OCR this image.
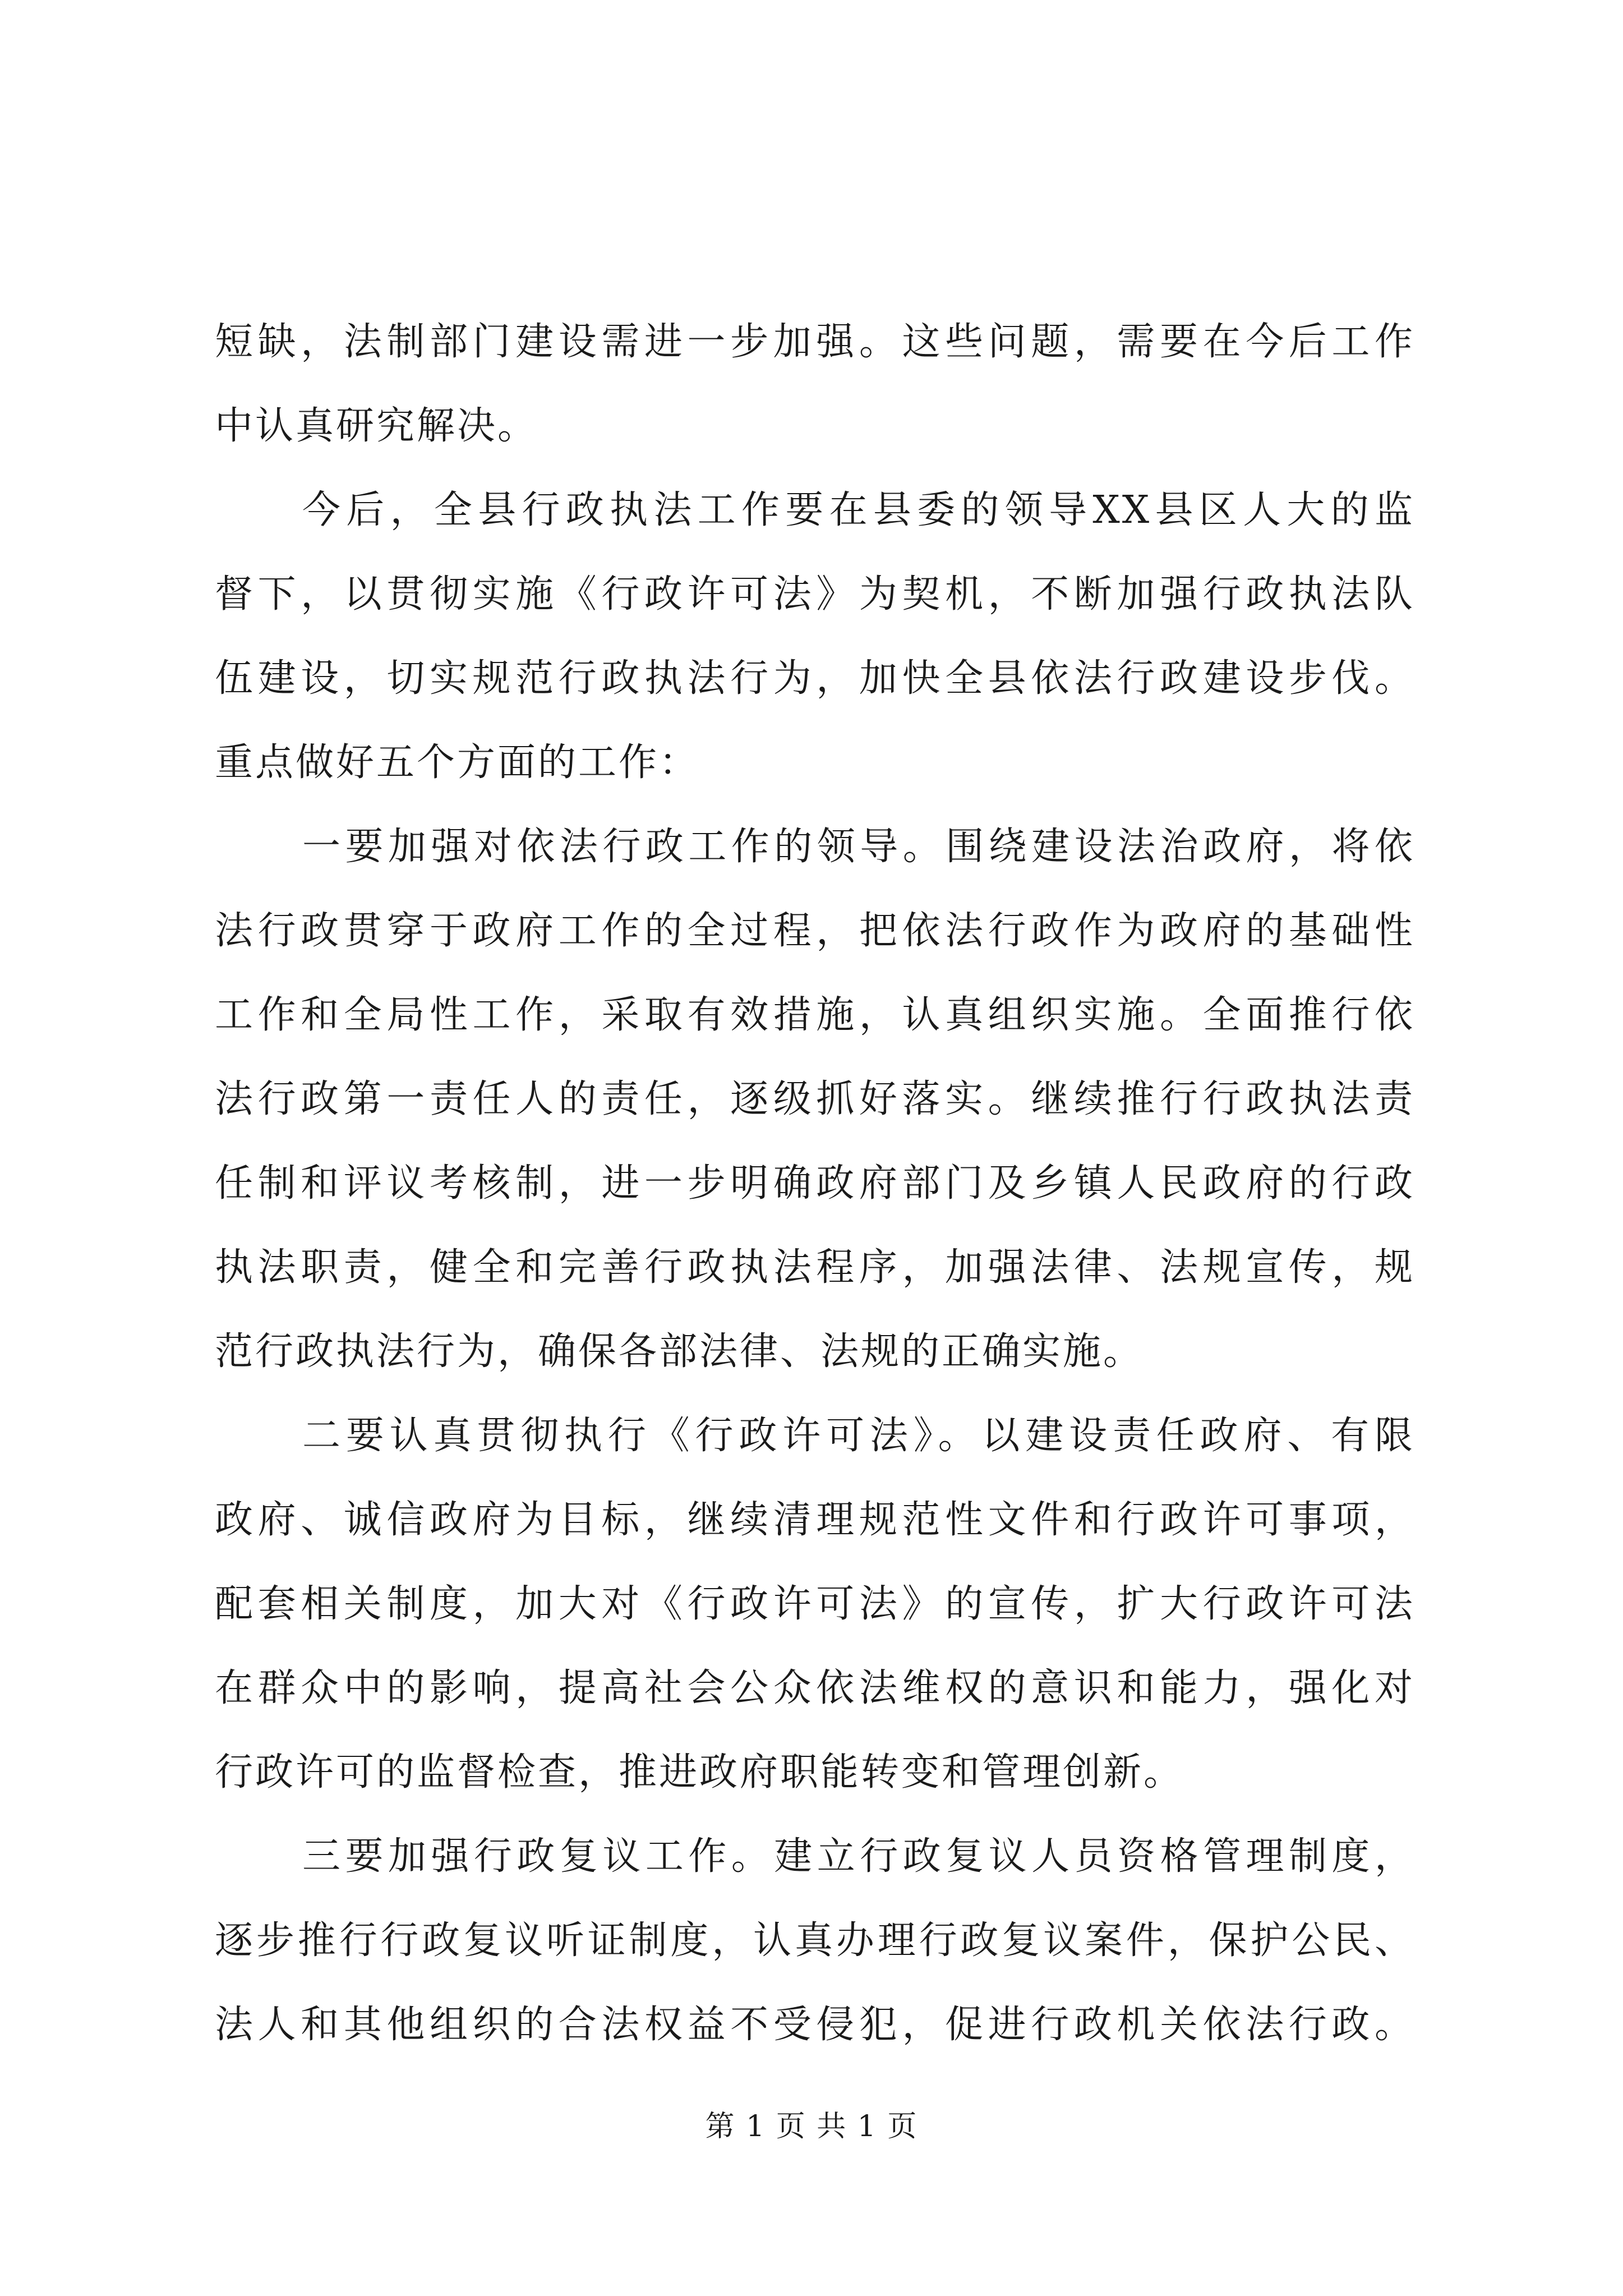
短缺，法制部门建设需进一步加强。这些问题，需要在今后工作
中认真研究解决。
今后，全县行政执法工作要在县委的领导XX县区人大的监
督下，以贯彻实施《行政许可法》为契机，不断加强行政执法队
伍建设，切实规范行政执法行为，加快全县依法行政建设步伐。
重点做好五个方面的工作：
一要加强对依法行政工作的领导。围绕建设法治政府，将依
法行政贯穿于政府工作的全过程，把依法行政作为政府的基础性
工作和全局性工作，采取有效措施，认真组织实施。全面推行依
法行政第一责任人的责任，逐级抓好落实。继续推行行政执法责
任制和评议考核制，进一步明确政府部门及乡镇人民政府的行政
执法职责，健全和完善行政执法程序，加强法律、法规宣传，规
范行政执法行为，确保各部法律、法规的正确实施。
二要认真贯彻执行《行政许可法》。以建设责任政府、有限
政府、诚信政府为目标，继续清理规范性文件和行政许可事项，
配套相关制度，加大对《行政许可法》的宣传，扩大行政许可法
在群众中的影响，提高社会公众依法维权的意识和能力，强化对
行政许可的监督检查，推进政府职能转变和管理创新。
三要加强行政复议工作。建立行政复议人员资格管理制度，
逐步推行行政复议听证制度，认真办理行政复议案件，保护公民、
法人和其他组织的合法权益不受侵犯，促进行政机关依法行政。
第 1 页 共 1 页
